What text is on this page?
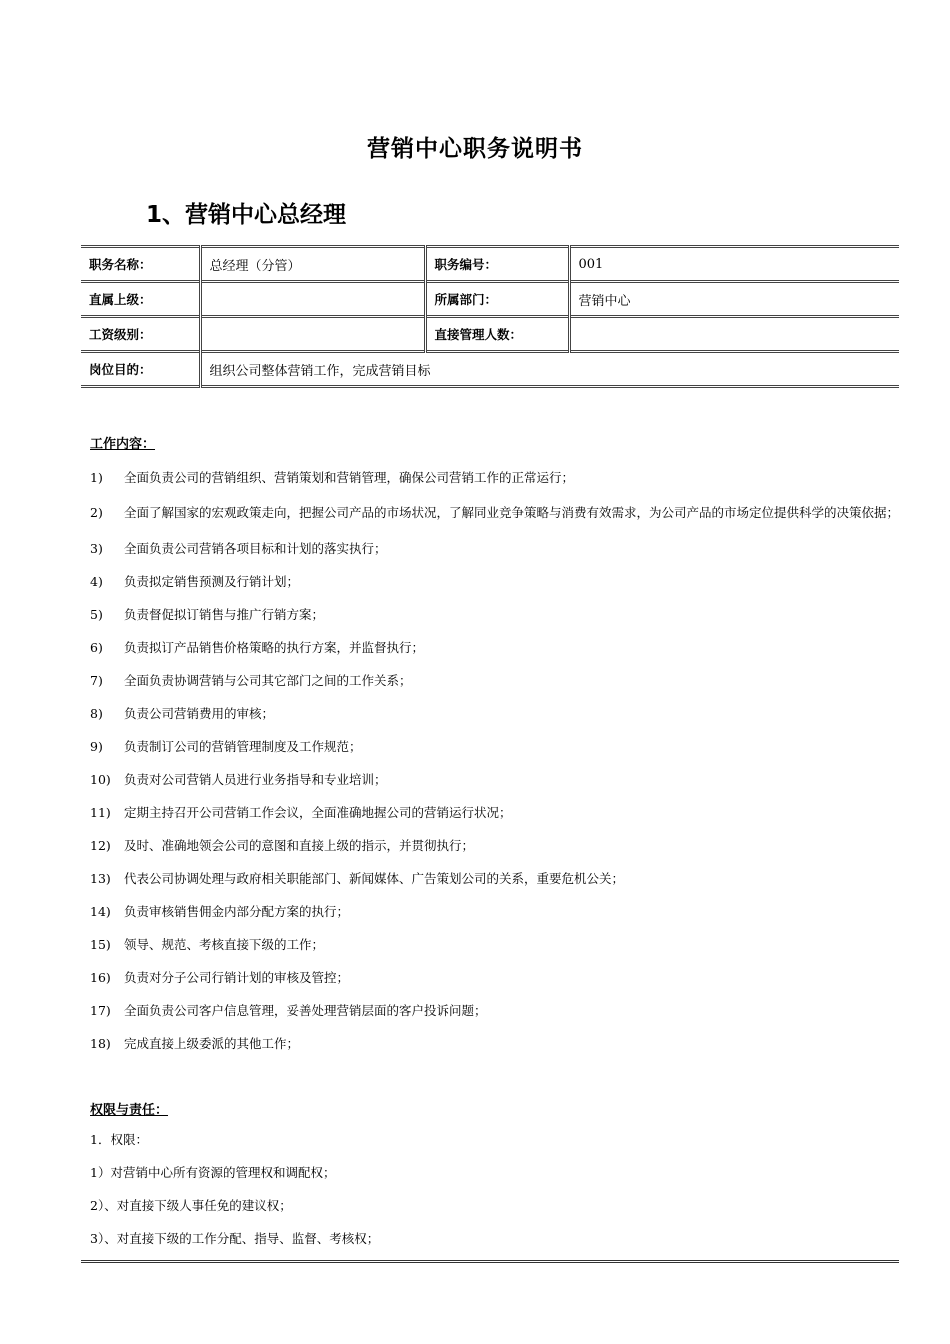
营销中心职务说明书
1、营销中心总经理
职务名称：	总经理（分管）	职务编号：	001
直属上级：		所属部门：	营销中心
工资级别：		直接管理人数：	
岗位目的：	组织公司整体营销工作，完成营销目标		
工作内容：
1) 全面负责公司的营销组织、营销策划和营销管理，确保公司营销工作的正常运行；
2) 全面了解国家的宏观政策走向，把握公司产品的市场状况，了解同业竞争策略与消费有效需求，为公司产品的市场定位提供科学的决策依据；
3) 全面负责公司营销各项目标和计划的落实执行；
4) 负责拟定销售预测及行销计划；
5) 负责督促拟订销售与推广行销方案；
6) 负责拟订产品销售价格策略的执行方案，并监督执行；
7) 全面负责协调营销与公司其它部门之间的工作关系；
8) 负责公司营销费用的审核；
9) 负责制订公司的营销管理制度及工作规范；
10) 负责对公司营销人员进行业务指导和专业培训；
11) 定期主持召开公司营销工作会议，全面准确地握公司的营销运行状况；
12) 及时、准确地领会公司的意图和直接上级的指示，并贯彻执行；
13) 代表公司协调处理与政府相关职能部门、新闻媒体、广告策划公司的关系，重要危机公关；
14) 负责审核销售佣金内部分配方案的执行；
15) 领导、规范、考核直接下级的工作；
16) 负责对分子公司行销计划的审核及管控；
17) 全面负责公司客户信息管理，妥善处理营销层面的客户投诉问题；
18) 完成直接上级委派的其他工作；
权限与责任：
1．权限：
1）对营销中心所有资源的管理权和调配权；
2）、对直接下级人事任免的建议权；
3）、对直接下级的工作分配、指导、监督、考核权；
